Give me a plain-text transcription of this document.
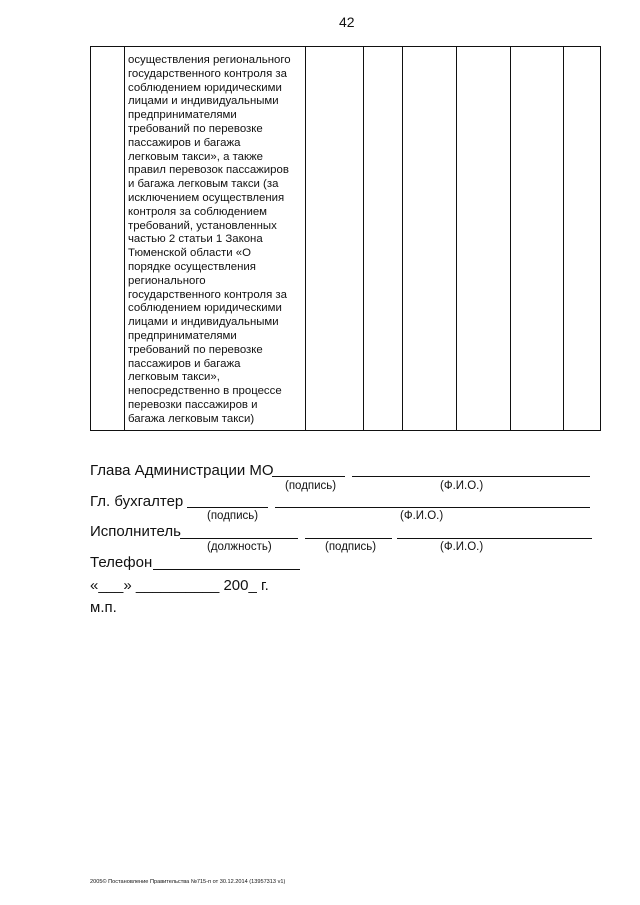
42

осуществления регионального
государственного контроля за
соблюдением юридическими
лицами и индивидуальными
предпринимателями
требований по перевозке
пассажиров и багажа
легковым такси», а также
правил перевозок пассажиров
и багажа легковым такси (за
исключением осуществления
контроля за соблюдением
требований, установленных
частью 2 статьи 1 Закона
Тюменской области «О
порядке осуществления
регионального
государственного контроля за
соблюдением юридическими
лицами и индивидуальными
предпринимателями
требований по перевозке
пассажиров и багажа
легковым такси»,
непосредственно в процессе
перевозки пассажиров и
багажа легковым такси)

Глава Администрации МО
(подпись)	(Ф.И.О.)
Гл. бухгалтер
(подпись)	(Ф.И.О.)
Исполнитель
(должность)	(подпись)	(Ф.И.О.)
Телефон
«___» __________ 200_ г.
м.п.
2005© Постановление Правительства №715-п от 30.12.2014 (13957313 v1)
